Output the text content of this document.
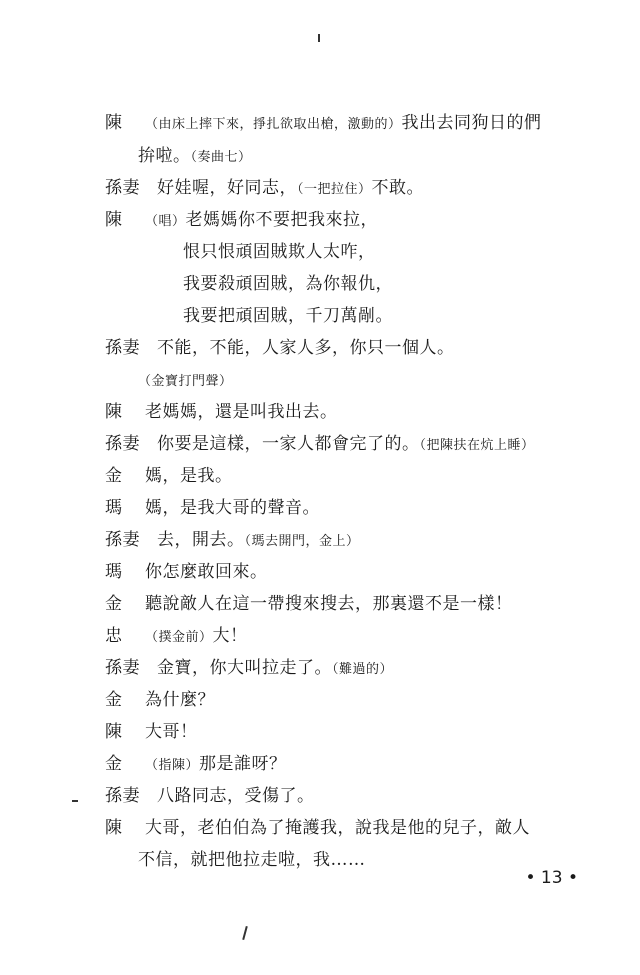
陳 （由床上摔下來，掙扎欲取出槍，激動的）我出去同狗日的們
拚啦。（奏曲七）
孫妻 好娃喔，好同志，（一把拉住）不敢。
陳 （唱）老媽媽你不要把我來拉，
恨只恨頑固賊欺人太咋，
我要殺頑固賊，為你報仇，
我要把頑固賊，千刀萬剮。
孫妻 不能，不能，人家人多，你只一個人。
（金寶打門聲）
陳 老媽媽，還是叫我出去。
孫妻 你要是這樣，一家人都會完了的。（把陳扶在炕上睡）
金 媽，是我。
瑪 媽，是我大哥的聲音。
孫妻 去，開去。（瑪去開門，金上）
瑪 你怎麼敢回來。
金 聽說敵人在這一帶搜來搜去，那裏還不是一樣！
忠 （撲金前）大！
孫妻 金寶，你大叫拉走了。（難過的）
金 為什麼？
陳 大哥！
金 （指陳）那是誰呀？
孫妻 八路同志，受傷了。
陳 大哥，老伯伯為了掩護我，說我是他的兒子，敵人
不信，就把他拉走啦，我……
• 13 •
